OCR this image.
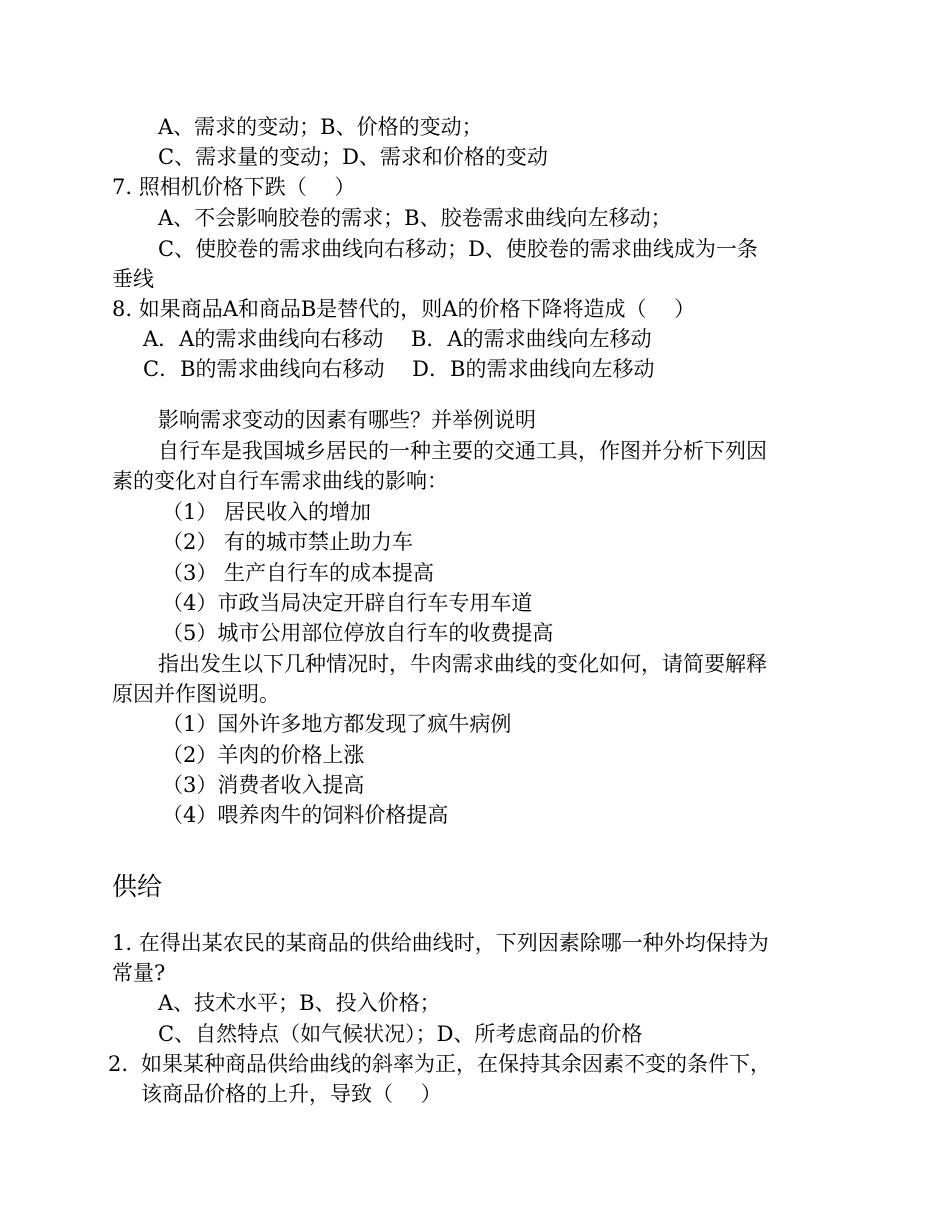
A、需求的变动；B、价格的变动；
C、需求量的变动；D、需求和价格的变动
7. 照相机价格下跌（　 ）
A、不会影响胶卷的需求；B、胶卷需求曲线向左移动；
C、使胶卷的需求曲线向右移动；D、使胶卷的需求曲线成为一条
垂线
8. 如果商品A和商品B是替代的，则A的价格下降将造成（　 ）
A．A的需求曲线向右移动　 B．A的需求曲线向左移动
C．B的需求曲线向右移动　 D．B的需求曲线向左移动
影响需求变动的因素有哪些？并举例说明
自行车是我国城乡居民的一种主要的交通工具，作图并分析下列因
素的变化对自行车需求曲线的影响：
（1） 居民收入的增加
（2） 有的城市禁止助力车
（3） 生产自行车的成本提高
（4）市政当局决定开辟自行车专用车道
（5）城市公用部位停放自行车的收费提高
指出发生以下几种情况时，牛肉需求曲线的变化如何，请简要解释
原因并作图说明。
（1）国外许多地方都发现了疯牛病例
（2）羊肉的价格上涨
（3）消费者收入提高
（4）喂养肉牛的饲料价格提高
供给
1. 在得出某农民的某商品的供给曲线时，下列因素除哪一种外均保持为
常量?
A、技术水平；B、投入价格；
C、自然特点（如气候状况）；D、所考虑商品的价格
2. 如果某种商品供给曲线的斜率为正，在保持其余因素不变的条件下，
该商品价格的上升，导致（　 ）
